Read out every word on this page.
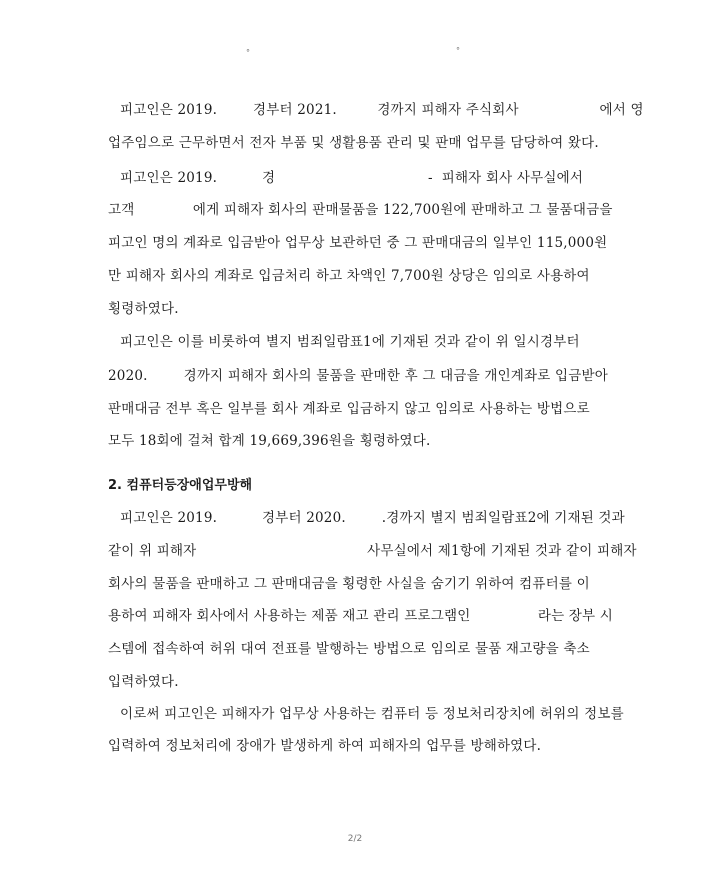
°	°
피고인은 2019.        경부터 2021.         경까지 피해자 주식회사                  에서 영
업주임으로 근무하면서 전자 부품 및 생활용품 관리 및 판매 업무를 담당하여 왔다.
피고인은 2019.          경                                  -  피해자 회사 사무실에서
고객             에게 피해자 회사의 판매물품을 122,700원에 판매하고 그 물품대금을
피고인 명의 계좌로 입금받아 업무상 보관하던 중 그 판매대금의 일부인 115,000원
만 피해자 회사의 계좌로 입금처리 하고 차액인 7,700원 상당은 임의로 사용하여
횡령하였다.
피고인은 이를 비롯하여 별지 범죄일람표1에 기재된 것과 같이 위 일시경부터
2020.        경까지 피해자 회사의 물품을 판매한 후 그 대금을 개인계좌로 입금받아
판매대금 전부 혹은 일부를 회사 계좌로 입금하지 않고 임의로 사용하는 방법으로
모두 18회에 걸쳐 합계 19,669,396원을 횡령하였다.
2. 컴퓨터등장애업무방해
피고인은 2019.          경부터 2020.        .경까지 별지 범죄일람표2에 기재된 것과
같이 위 피해자                                      사무실에서 제1항에 기재된 것과 같이 피해자
회사의 물품을 판매하고 그 판매대금을 횡령한 사실을 숨기기 위하여 컴퓨터를 이
용하여 피해자 회사에서 사용하는 제품 재고 관리 프로그램인               라는 장부 시
스템에 접속하여 허위 대여 전표를 발행하는 방법으로 임의로 물품 재고량을 축소
입력하였다.
이로써 피고인은 피해자가 업무상 사용하는 컴퓨터 등 정보처리장치에 허위의 정보를
입력하여 정보처리에 장애가 발생하게 하여 피해자의 업무를 방해하였다.
2/2
